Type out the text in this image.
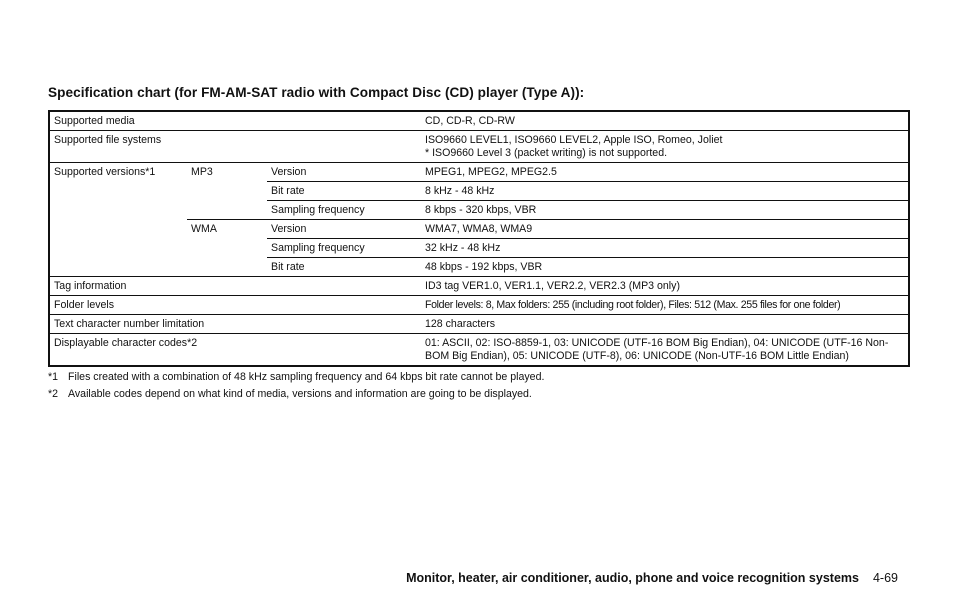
Specification chart (for FM-AM-SAT radio with Compact Disc (CD) player (Type A)):
Supported media			CD, CD-R, CD-RW
Supported file systems			ISO9660 LEVEL1, ISO9660 LEVEL2, Apple ISO, Romeo, Joliet
* ISO9660 Level 3 (packet writing) is not supported.

Supported versions*1	MP3	Version	MPEG1, MPEG2, MPEG2.5
		Bit rate	8 kHz - 48 kHz
		Sampling frequency	8 kbps - 320 kbps, VBR
	WMA	Version	WMA7, WMA8, WMA9
		Sampling frequency	32 kHz - 48 kHz
		Bit rate	48 kbps - 192 kbps, VBR
Tag information			ID3 tag VER1.0, VER1.1, VER2.2, VER2.3 (MP3 only)
Folder levels			Folder levels: 8, Max folders: 255 (including root folder), Files: 512 (Max. 255 files for one folder)
Text character number limitation			128 characters
Displayable character codes*2			01: ASCII, 02: ISO-8859-1, 03: UNICODE (UTF-16 BOM Big Endian), 04: UNICODE (UTF-16 Non-BOM Big Endian), 05: UNICODE (UTF-8), 06: UNICODE (Non-UTF-16 BOM Little Endian)
*1 Files created with a combination of 48 kHz sampling frequency and 64 kbps bit rate cannot be played.
*2 Available codes depend on what kind of media, versions and information are going to be displayed.
Monitor, heater, air conditioner, audio, phone and voice recognition systems 4-69
